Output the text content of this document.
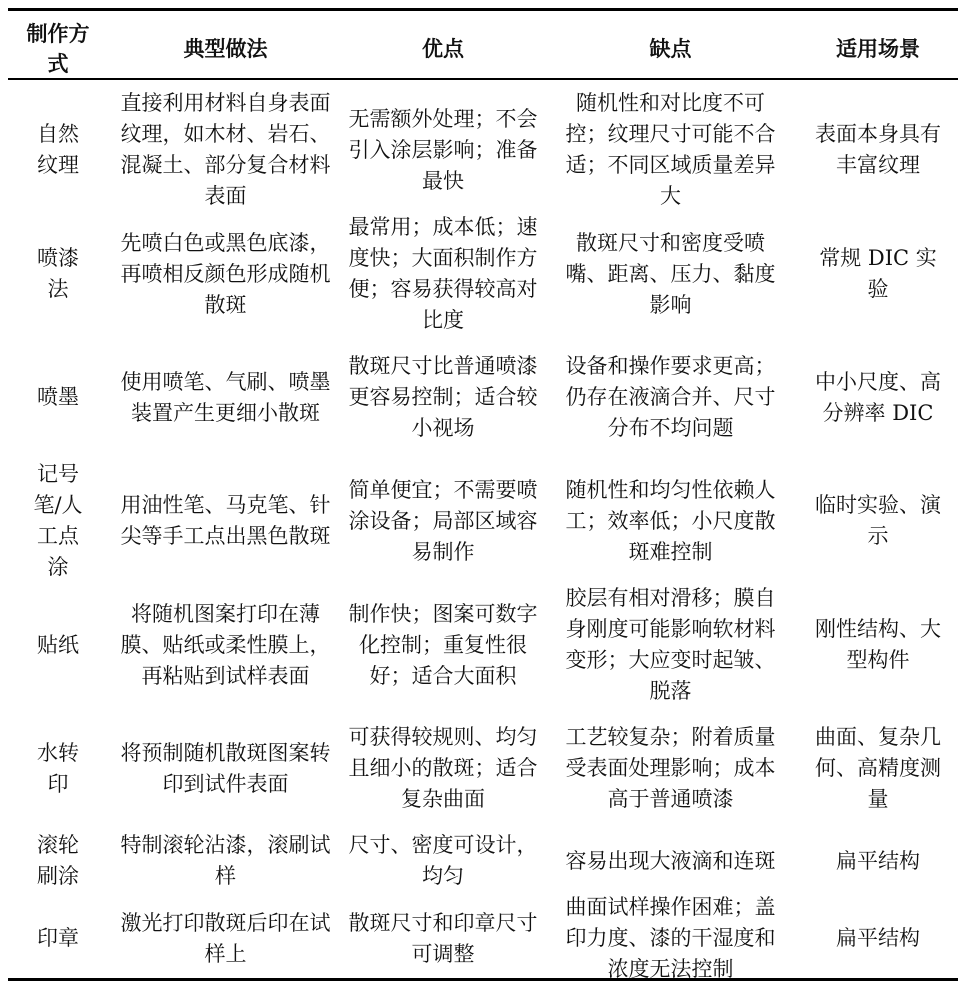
制作方式	典型做法	优点	缺点	适用场景
自然纹理	直接利用材料自身表面纹理，如木材、岩石、混凝土、部分复合材料表面	无需额外处理；不会引入涂层影响；准备最快	随机性和对比度不可控；纹理尺寸可能不合适；不同区域质量差异大	表面本身具有丰富纹理
喷漆法	先喷白色或黑色底漆，再喷相反颜色形成随机散斑	最常用；成本低；速度快；大面积制作方便；容易获得较高对比度	散斑尺寸和密度受喷嘴、距离、压力、黏度影响	常规 DIC 实验
喷墨	使用喷笔、气刷、喷墨装置产生更细小散斑	散斑尺寸比普通喷漆更容易控制；适合较小视场	设备和操作要求更高；仍存在液滴合并、尺寸分布不均问题	中小尺度、高分辨率 DIC
记号笔/人工点涂	用油性笔、马克笔、针尖等手工点出黑色散斑	简单便宜；不需要喷涂设备；局部区域容易制作	随机性和均匀性依赖人工；效率低；小尺度散斑难控制	临时实验、演示
贴纸	将随机图案打印在薄膜、贴纸或柔性膜上，再粘贴到试样表面	制作快；图案可数字化控制；重复性很好；适合大面积	胶层有相对滑移；膜自身刚度可能影响软材料变形；大应变时起皱、脱落	刚性结构、大型构件
水转印	将预制随机散斑图案转印到试件表面	可获得较规则、均匀且细小的散斑；适合复杂曲面	工艺较复杂；附着质量受表面处理影响；成本高于普通喷漆	曲面、复杂几何、高精度测量
滚轮刷涂	特制滚轮沾漆，滚刷试样	尺寸、密度可设计，均匀	容易出现大液滴和连斑	扁平结构
印章	激光打印散斑后印在试样上	散斑尺寸和印章尺寸可调整	曲面试样操作困难；盖印力度、漆的干湿度和浓度无法控制	扁平结构
